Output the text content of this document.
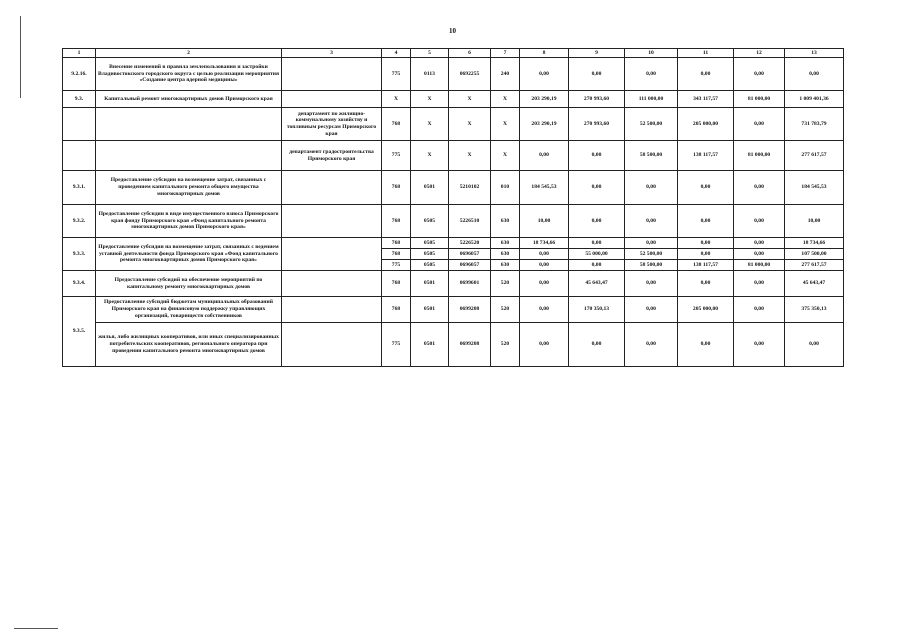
10
1	2	3	4	5	6	7	8	9	10	11	12	13
9.2.16.	Внесение изменений в правила землепользования и застройки Владивостокского городского округа с целью реализации мероприятия «Создание центра ядерной медицины»		775	0113	0692255	240	0,00	0,00	0,00	0,00	0,00	0,00
9.3.	Капитальный ремонт многоквартирных домов Приморского края		X	X	X	X	203 290,19	270 993,60	111 000,00	343 117,57	81 000,00	1 009 401,36
		департамент по жилищно-коммунальному хозяйству и топливным ресурсам Приморского края	768	X	X	X	203 290,19	270 993,60	52 500,00	205 000,00	0,00	731 783,79
		департамент градостроительства Приморского края	775	X	X	X	0,00	0,00	58 500,00	138 117,57	81 000,00	277 617,57
9.3.1.	Предоставление субсидии на возмещение затрат, связанных с проведением капитального ремонта общего имущества многоквартирных домов		768	0501	5210102	010	184 545,53	0,00	0,00	0,00	0,00	184 545,53
9.3.2.	Предоставление субсидии в виде имущественного взноса Приморского края фонду Приморского края «Фонд капитального ремонта многоквартирных домов Приморского края»		768	0505	5226510	630	10,00	0,00	0,00	0,00	0,00	10,00
9.3.3.	Предоставление субсидии на возмещение затрат, связанных с ведением уставной деятельности фонда Приморского края «Фонд капитального ремонта многоквартирных домов Приморского края»		768	0505	5226520	630	18 734,66	0,00	0,00	0,00	0,00	18 734,66
			768	0505	0696057	630	0,00	55 000,00	52 500,00	0,00	0,00	107 500,00
			775	0505	0696057	630	0,00	0,00	58 500,00	138 117,57	81 000,00	277 617,57
9.3.4.	Предоставление субсидий на обеспечение мероприятий по капитальному ремонту многоквартирных домов		768	0501	0699601	520	0,00	45 643,47	0,00	0,00	0,00	45 643,47
9.3.5.	Предоставление субсидий бюджетам муниципальных образований Приморского края на финансовую поддержку управляющих организаций, товариществ собственников		768	0501	0699208	520	0,00	170 350,13	0,00	205 000,00	0,00	375 350,13
	жилья, либо жилищных кооперативов, или иных специализированных потребительских кооперативов, регионального оператора при проведении капитального ремонта многоквартирных домов		775	0501	0699208	520	0,00	0,00	0,00	0,00	0,00	0,00
